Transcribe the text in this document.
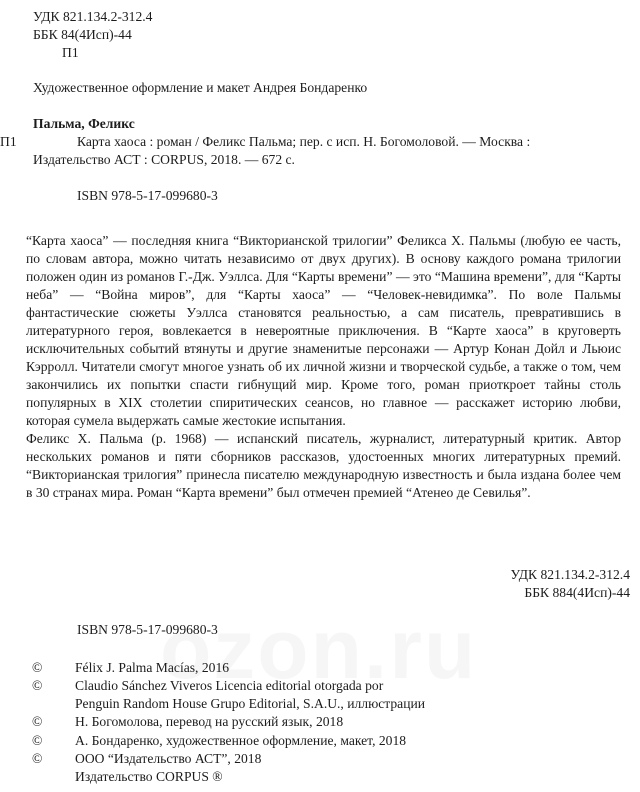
УДК 821.134.2-312.4
ББК 84(4Исп)-44
П1
Художественное оформление и макет Андрея Бондаренко
Пальма, Феликс
П1	Карта хаоса : роман / Феликс Пальма; пер. с исп. Н. Богомоловой. — Москва :
Издательство АСТ : CORPUS, 2018. — 672 с.
ISBN 978-5-17-099680-3

“Карта хаоса” — последняя книга “Викторианской трилогии” Феликса Х. Пальмы (любую ее часть, по словам автора, можно читать независимо от двух других). В основу каждого романа трилогии положен один из романов Г.-Дж. Уэллса. Для “Карты времени” — это “Машина времени”, для “Карты неба” — “Война миров”, для “Карты хаоса” — “Человек-невидимка”. По воле Пальмы фантастические сюжеты Уэллса становятся реальностью, а сам писатель, превратившись в литературного героя, вовлекается в невероятные приключения. В “Карте хаоса” в круговерть исключительных событий втянуты и другие знаменитые персонажи — Артур Конан Дойл и Льюис Кэрролл. Читатели смогут многое узнать об их личной жизни и творческой судьбе, а также о том, чем закончились их попытки спасти гибнущий мир. Кроме того, роман приоткроет тайны столь популярных в XIX столетии спиритических сеансов, но главное — расскажет историю любви, которая сумела выдержать самые жестокие испытания.

Феликс Х. Пальма (р. 1968) — испанский писатель, журналист, литературный критик. Автор нескольких романов и пяти сборников рассказов, удостоенных многих литературных премий. “Викторианская трилогия” принесла писателю международную известность и была издана более чем в 30 странах мира. Роман “Карта времени” был отмечен премией “Атенео де Севилья”.

УДК 821.134.2-312.4
ББК 884(4Исп)-44
ISBN 978-5-17-099680-3
© Félix J. Palma Macías, 2016
© Claudio Sánchez Viveros Licencia editorial otorgada por
Penguin Random House Grupo Editorial, S.A.U., иллюстрации
© Н. Богомолова, перевод на русский язык, 2018
© А. Бондаренко, художественное оформление, макет, 2018
© ООО “Издательство АСТ”, 2018
Издательство CORPUS ®
